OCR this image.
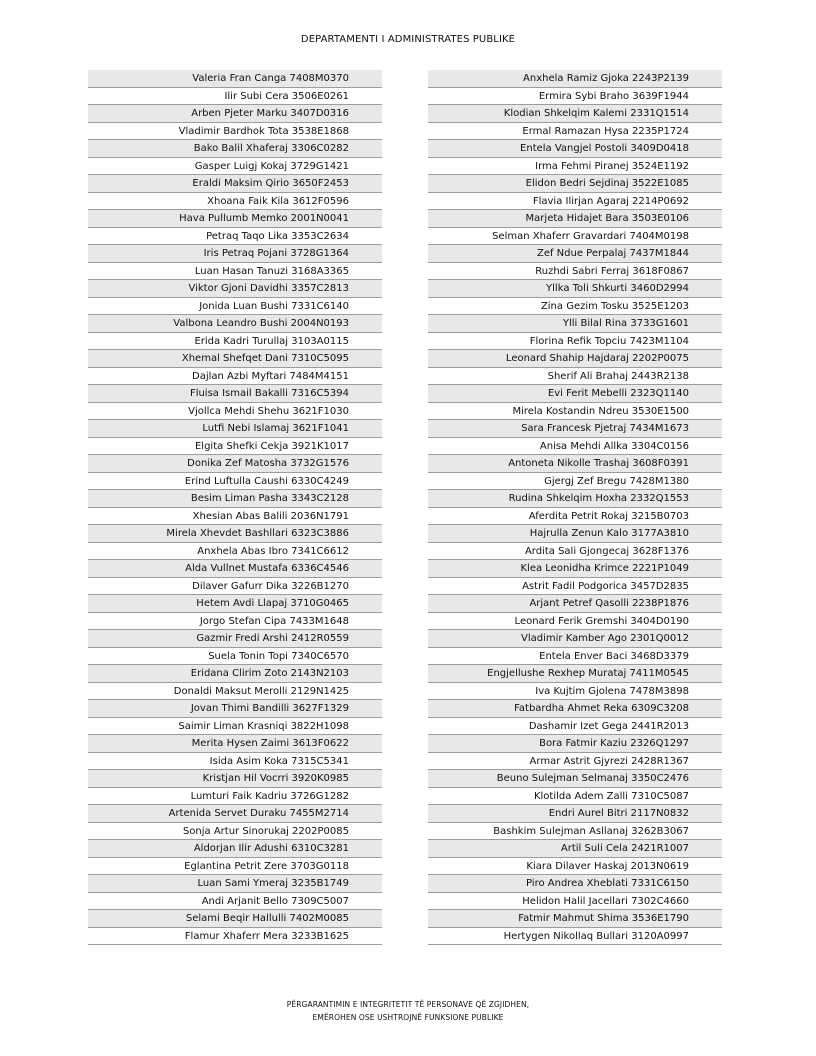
DEPARTAMENTI I ADMINISTRATES PUBLIKE
Valeria Fran Canga 7408M0370
Ilir Subi Cera 3506E0261
Arben Pjeter Marku 3407D0316
Vladimir Bardhok Tota 3538E1868
Bako Balil Xhaferaj 3306C0282
Gasper Luigj Kokaj 3729G1421
Eraldi Maksim Qirio 3650F2453
Xhoana Faik Kila 3612F0596
Hava Pullumb Memko 2001N0041
Petraq Taqo Lika 3353C2634
Iris Petraq Pojani 3728G1364
Luan Hasan Tanuzi 3168A3365
Viktor Gjoni Davidhi 3357C2813
Jonida Luan Bushi 7331C6140
Valbona Leandro Bushi 2004N0193
Erida Kadri Turullaj 3103A0115
Xhemal Shefqet Dani 7310C5095
Dajlan Azbi Myftari 7484M4151
Fluisa Ismail Bakalli 7316C5394
Vjollca Mehdi Shehu 3621F1030
Lutfi Nebi Islamaj 3621F1041
Elgita Shefki Cekja 3921K1017
Donika Zef Matosha 3732G1576
Erind Luftulla Caushi 6330C4249
Besim Liman Pasha 3343C2128
Xhesian Abas Balili 2036N1791
Mirela Xhevdet Bashllari 6323C3886
Anxhela Abas Ibro 7341C6612
Alda Vullnet Mustafa 6336C4546
Dilaver Gafurr Dika 3226B1270
Hetem Avdi Llapaj 3710G0465
Jorgo Stefan Cipa 7433M1648
Gazmir Fredi Arshi 2412R0559
Suela Tonin Topi 7340C6570
Eridana Clirim Zoto 2143N2103
Donaldi Maksut Merolli 2129N1425
Jovan Thimi Bandilli 3627F1329
Saimir Liman Krasniqi 3822H1098
Merita Hysen Zaimi 3613F0622
Isida Asim Koka 7315C5341
Kristjan Hil Vocrri 3920K0985
Lumturi Faik Kadriu 3726G1282
Artenida Servet Duraku 7455M2714
Sonja Artur Sinorukaj 2202P0085
Aldorjan Ilir Adushi 6310C3281
Eglantina Petrit Zere 3703G0118
Luan Sami Ymeraj 3235B1749
Andi Arjanit Bello 7309C5007
Selami Beqir Hallulli 7402M0085
Flamur Xhaferr Mera 3233B1625
Anxhela Ramiz Gjoka 2243P2139
Ermira Sybi Braho 3639F1944
Klodian Shkelqim Kalemi 2331Q1514
Ermal Ramazan Hysa 2235P1724
Entela Vangjel Postoli 3409D0418
Irma Fehmi Piranej 3524E1192
Elidon Bedri Sejdinaj 3522E1085
Flavia Ilirjan Agaraj 2214P0692
Marjeta Hidajet Bara 3503E0106
Selman Xhaferr Gravardari 7404M0198
Zef Ndue Perpalaj 7437M1844
Ruzhdi Sabri Ferraj 3618F0867
Yllka Toli Shkurti 3460D2994
Zina Gezim Tosku 3525E1203
Ylli Bilal Rina 3733G1601
Florina Refik Topciu 7423M1104
Leonard Shahip Hajdaraj 2202P0075
Sherif Ali Brahaj 2443R2138
Evi Ferit Mebelli 2323Q1140
Mirela Kostandin Ndreu 3530E1500
Sara Francesk Pjetraj 7434M1673
Anisa Mehdi Allka 3304C0156
Antoneta Nikolle Trashaj 3608F0391
Gjergj Zef Bregu 7428M1380
Rudina Shkelqim Hoxha 2332Q1553
Aferdita Petrit Rokaj 3215B0703
Hajrulla Zenun Kalo 3177A3810
Ardita Sali Gjongecaj 3628F1376
Klea Leonidha Krimce 2221P1049
Astrit Fadil Podgorica 3457D2835
Arjant Petref Qasolli 2238P1876
Leonard Ferik Gremshi 3404D0190
Vladimir Kamber Ago 2301Q0012
Entela Enver Baci 3468D3379
Engjellushe Rexhep Murataj 7411M0545
Iva Kujtim Gjolena 7478M3898
Fatbardha Ahmet Reka 6309C3208
Dashamir Izet Gega 2441R2013
Bora Fatmir Kaziu 2326Q1297
Armar Astrit Gjyrezi 2428R1367
Beuno Sulejman Selmanaj 3350C2476
Klotilda Adem Zalli 7310C5087
Endri Aurel Bitri 2117N0832
Bashkim Sulejman Asllanaj 3262B3067
Artil Suli Cela 2421R1007
Kiara Dilaver Haskaj 2013N0619
Piro Andrea Xheblati 7331C6150
Helidon Halil Jacellari 7302C4660
Fatmir Mahmut Shima 3536E1790
Hertygen Nikollaq Bullari 3120A0997
PËRGARANTIMIN E INTEGRITETIT TË PERSONAVE QË ZGJIDHEN,
EMËROHEN OSE USHTROJNË FUNKSIONE PUBLIKE
